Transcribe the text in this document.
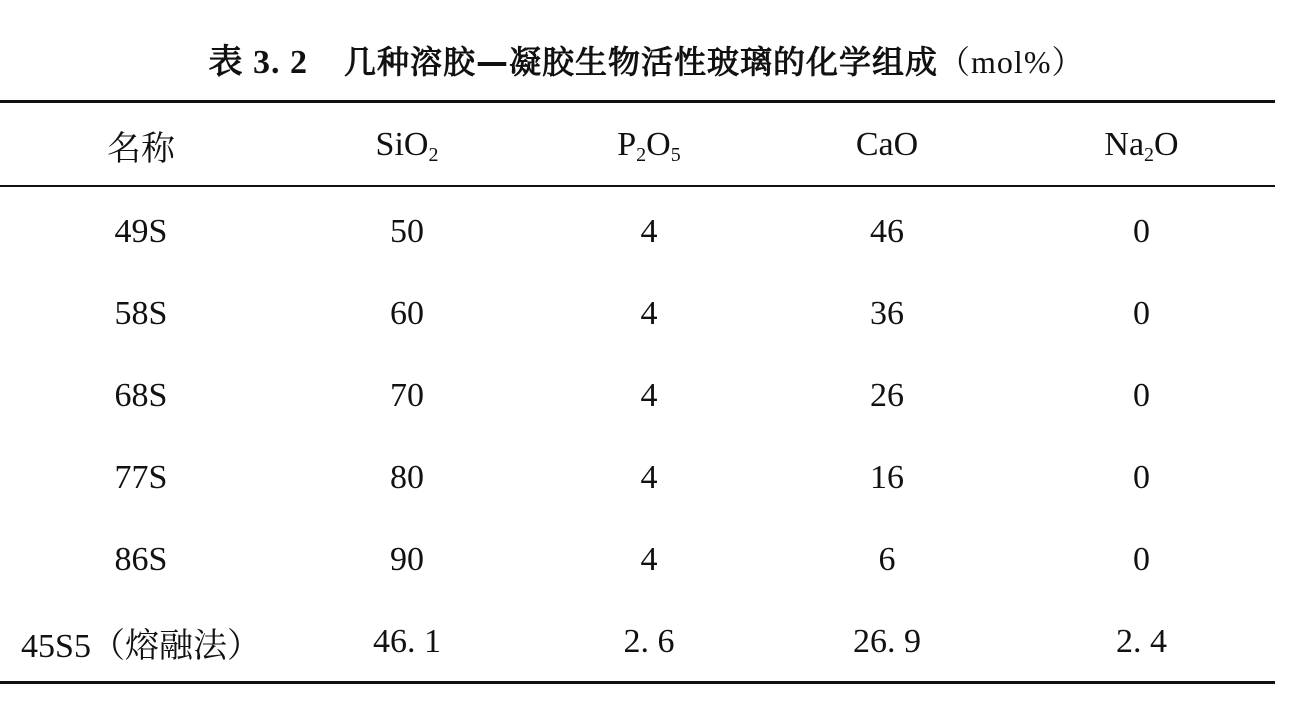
表 3. 2 几种溶胶—凝胶生物活性玻璃的化学组成（mol%）
名称	SiO$_2$	$P_2O_5$	CaO	$Na_2O$
49S	50	4	46	0
58S	60	4	36	0
68S	70	4	26	0
77S	80	4	16	0
86S	90	4	6	0
45S5（熔融法）	46. 1	2. 6	26. 9	2. 4
